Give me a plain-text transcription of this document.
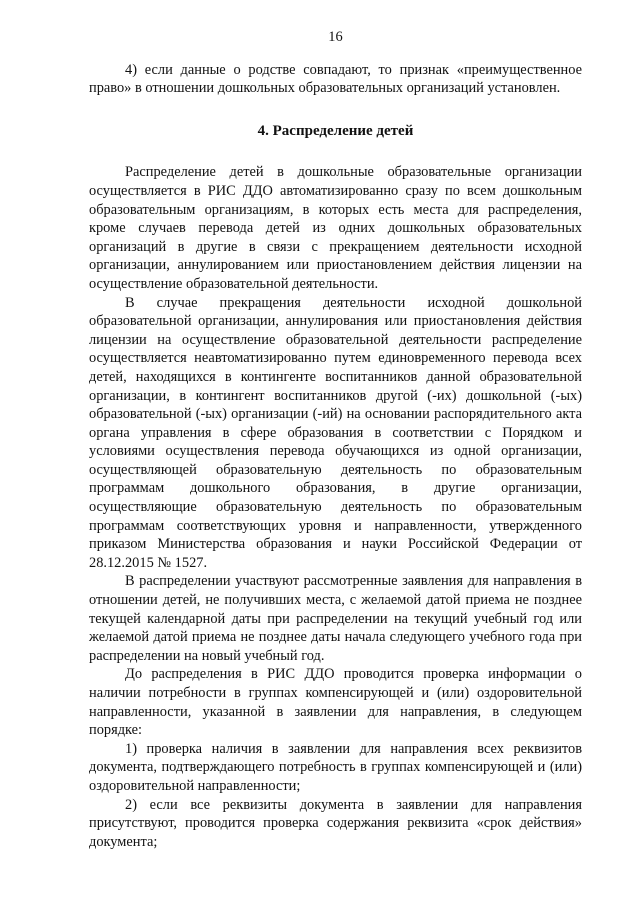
16

4) если данные о родстве совпадают, то признак «преимущественное право» в отношении дошкольных образовательных организаций установлен.

4. Распределение детей

Распределение детей в дошкольные образовательные организации осуществляется в РИС ДДО автоматизированно сразу по всем дошкольным образовательным организациям, в которых есть места для распределения, кроме случаев перевода детей из одних дошкольных образовательных организаций в другие в связи с прекращением деятельности исходной организации, аннулированием или приостановлением действия лицензии на осуществление образовательной деятельности.

В случае прекращения деятельности исходной дошкольной образовательной организации, аннулирования или приостановления действия лицензии на осуществление образовательной деятельности распределение осуществляется неавтоматизированно путем единовременного перевода всех детей, находящихся в контингенте воспитанников данной образовательной организации, в контингент воспитанников другой (-их) дошкольной (-ых) образовательной (-ых) организации (-ий) на основании распорядительного акта органа управления в сфере образования в соответствии с Порядком и условиями осуществления перевода обучающихся из одной организации, осуществляющей образовательную деятельность по образовательным программам дошкольного образования, в другие организации, осуществляющие образовательную деятельность по образовательным программам соответствующих уровня и направленности, утвержденного приказом Министерства образования и науки Российской Федерации от 28.12.2015 № 1527.

В распределении участвуют рассмотренные заявления для направления в отношении детей, не получивших места, с желаемой датой приема не позднее текущей календарной даты при распределении на текущий учебный год или желаемой датой приема не позднее даты начала следующего учебного года при распределении на новый учебный год.

До распределения в РИС ДДО проводится проверка информации о наличии потребности в группах компенсирующей и (или) оздоровительной направленности, указанной в заявлении для направления, в следующем порядке:

1) проверка наличия в заявлении для направления всех реквизитов документа, подтверждающего потребность в группах компенсирующей и (или) оздоровительной направленности;

2) если все реквизиты документа в заявлении для направления присутствуют, проводится проверка содержания реквизита «срок действия» документа;
